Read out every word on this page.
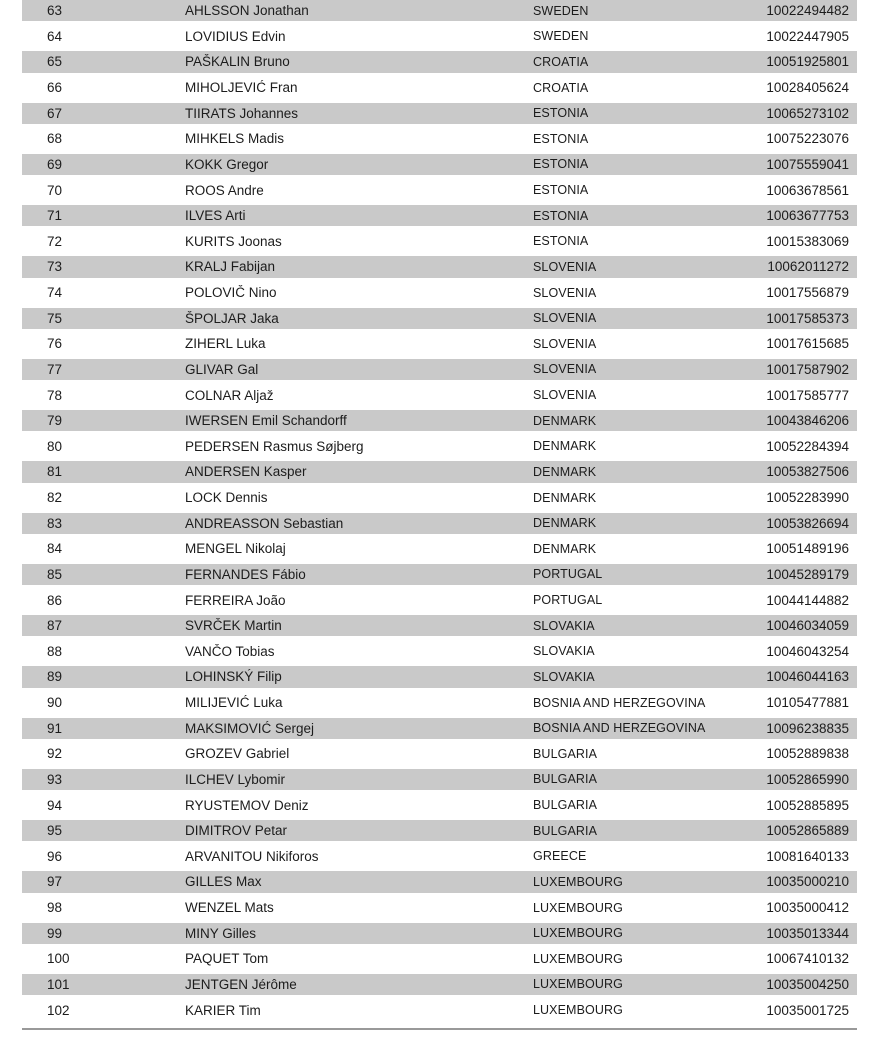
63	AHLSSON Jonathan	SWEDEN	10022494482
64	LOVIDIUS Edvin	SWEDEN	10022447905
65	PAŠKALIN Bruno	CROATIA	10051925801
66	MIHOLJEVIĆ Fran	CROATIA	10028405624
67	TIIRATS Johannes	ESTONIA	10065273102
68	MIHKELS Madis	ESTONIA	10075223076
69	KOKK Gregor	ESTONIA	10075559041
70	ROOS Andre	ESTONIA	10063678561
71	ILVES Arti	ESTONIA	10063677753
72	KURITS Joonas	ESTONIA	10015383069
73	KRALJ Fabijan	SLOVENIA	10062011272
74	POLOVIČ Nino	SLOVENIA	10017556879
75	ŠPOLJAR Jaka	SLOVENIA	10017585373
76	ZIHERL Luka	SLOVENIA	10017615685
77	GLIVAR Gal	SLOVENIA	10017587902
78	COLNAR Aljaž	SLOVENIA	10017585777
79	IWERSEN Emil Schandorff	DENMARK	10043846206
80	PEDERSEN Rasmus Søjberg	DENMARK	10052284394
81	ANDERSEN Kasper	DENMARK	10053827506
82	LOCK Dennis	DENMARK	10052283990
83	ANDREASSON Sebastian	DENMARK	10053826694
84	MENGEL Nikolaj	DENMARK	10051489196
85	FERNANDES Fábio	PORTUGAL	10045289179
86	FERREIRA João	PORTUGAL	10044144882
87	SVRČEK Martin	SLOVAKIA	10046034059
88	VANČO Tobias	SLOVAKIA	10046043254
89	LOHINSKÝ Filip	SLOVAKIA	10046044163
90	MILIJEVIĆ Luka	BOSNIA AND HERZEGOVINA	10105477881
91	MAKSIMOVIĆ Sergej	BOSNIA AND HERZEGOVINA	10096238835
92	GROZEV Gabriel	BULGARIA	10052889838
93	ILCHEV Lybomir	BULGARIA	10052865990
94	RYUSTEMOV Deniz	BULGARIA	10052885895
95	DIMITROV Petar	BULGARIA	10052865889
96	ARVANITOU Nikiforos	GREECE	10081640133
97	GILLES Max	LUXEMBOURG	10035000210
98	WENZEL Mats	LUXEMBOURG	10035000412
99	MINY Gilles	LUXEMBOURG	10035013344
100	PAQUET Tom	LUXEMBOURG	10067410132
101	JENTGEN Jérôme	LUXEMBOURG	10035004250
102	KARIER Tim	LUXEMBOURG	10035001725
